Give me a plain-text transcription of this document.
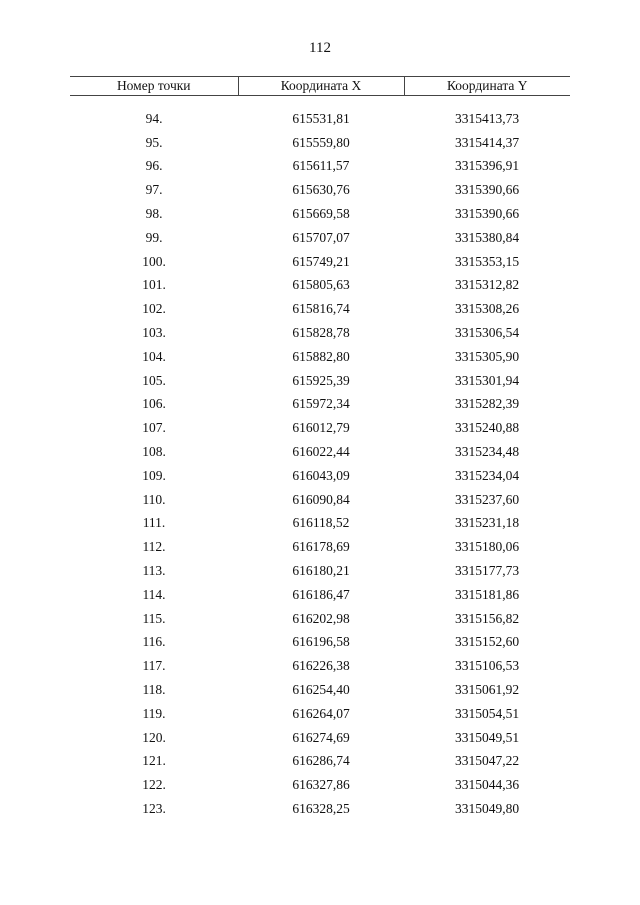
112
Номер точки	Координата X	Координата Y

94.	615531,81	3315413,73
95.	615559,80	3315414,37
96.	615611,57	3315396,91
97.	615630,76	3315390,66
98.	615669,58	3315390,66
99.	615707,07	3315380,84
100.	615749,21	3315353,15
101.	615805,63	3315312,82
102.	615816,74	3315308,26
103.	615828,78	3315306,54
104.	615882,80	3315305,90
105.	615925,39	3315301,94
106.	615972,34	3315282,39
107.	616012,79	3315240,88
108.	616022,44	3315234,48
109.	616043,09	3315234,04
110.	616090,84	3315237,60
111.	616118,52	3315231,18
112.	616178,69	3315180,06
113.	616180,21	3315177,73
114.	616186,47	3315181,86
115.	616202,98	3315156,82
116.	616196,58	3315152,60
117.	616226,38	3315106,53
118.	616254,40	3315061,92
119.	616264,07	3315054,51
120.	616274,69	3315049,51
121.	616286,74	3315047,22
122.	616327,86	3315044,36
123.	616328,25	3315049,80
